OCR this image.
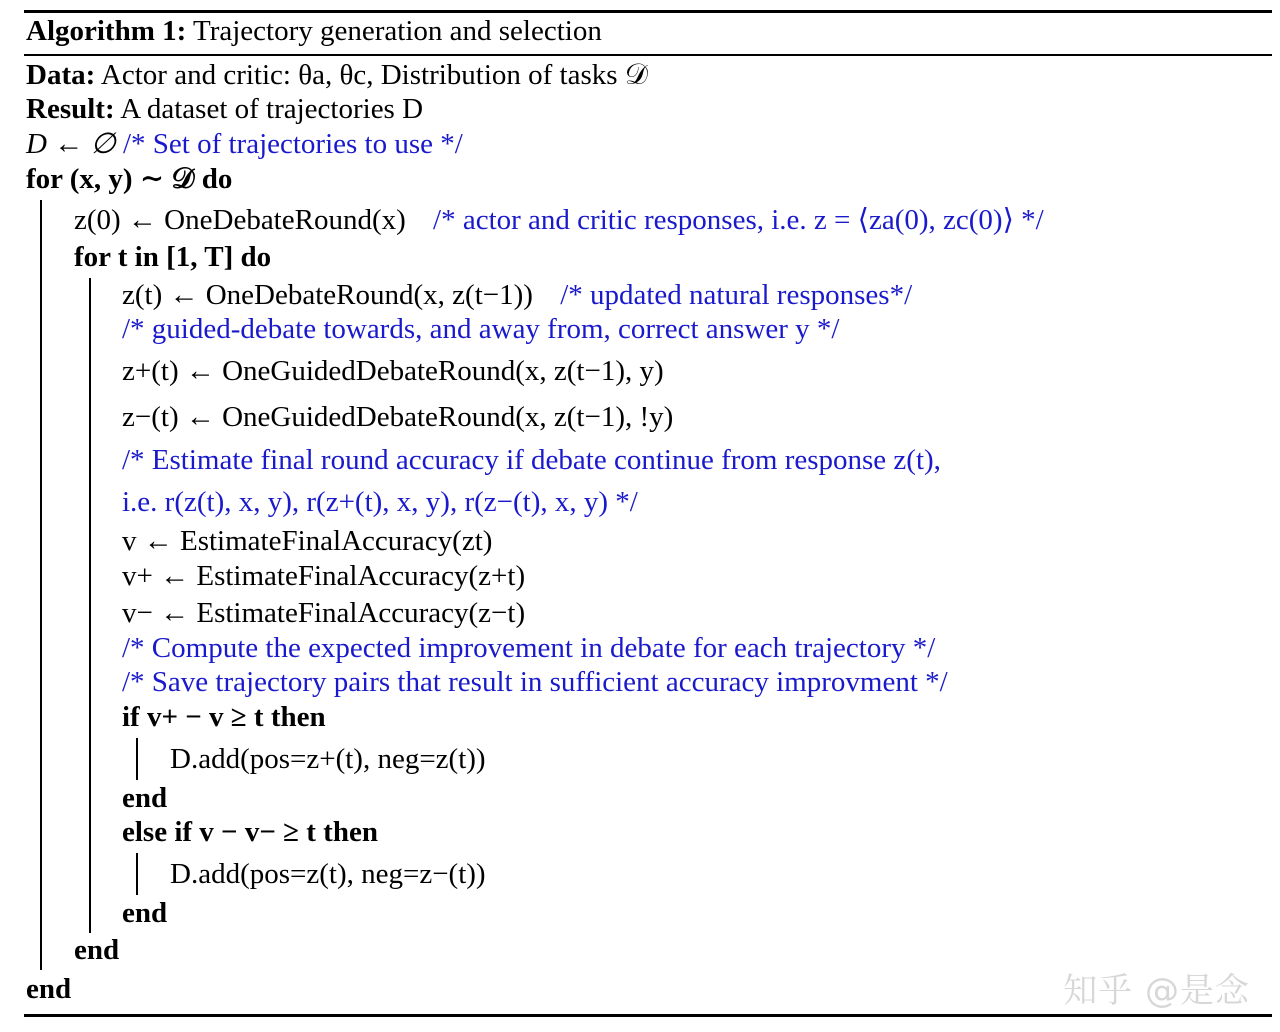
Algorithm 1: Trajectory generation and selection
Data: Actor and critic: θa, θc, Distribution of tasks 𝒟
Result: A dataset of trajectories D
D ← ∅ /* Set of trajectories to use */
for (x, y) ∼ 𝒟 do
z(0) ← OneDebateRound(x) /* actor and critic responses, i.e. z = ⟨za(0), zc(0)⟩ */
for t in [1, T] do
z(t) ← OneDebateRound(x, z(t−1)) /* updated natural responses*/
/* guided-debate towards, and away from, correct answer y */
z+(t) ← OneGuidedDebateRound(x, z(t−1), y)
z−(t) ← OneGuidedDebateRound(x, z(t−1), !y)
/* Estimate final round accuracy if debate continue from response z(t),
i.e. r(z(t), x, y), r(z+(t), x, y), r(z−(t), x, y) */
v ← EstimateFinalAccuracy(zt)
v+ ← EstimateFinalAccuracy(z+t)
v− ← EstimateFinalAccuracy(z−t)
/* Compute the expected improvement in debate for each trajectory */
/* Save trajectory pairs that result in sufficient accuracy improvment */
if v+ − v ≥ t then
D.add(pos=z+(t), neg=z(t))
end
else if v − v− ≥ t then
D.add(pos=z(t), neg=z−(t))
end
end
end	知乎 @是念
